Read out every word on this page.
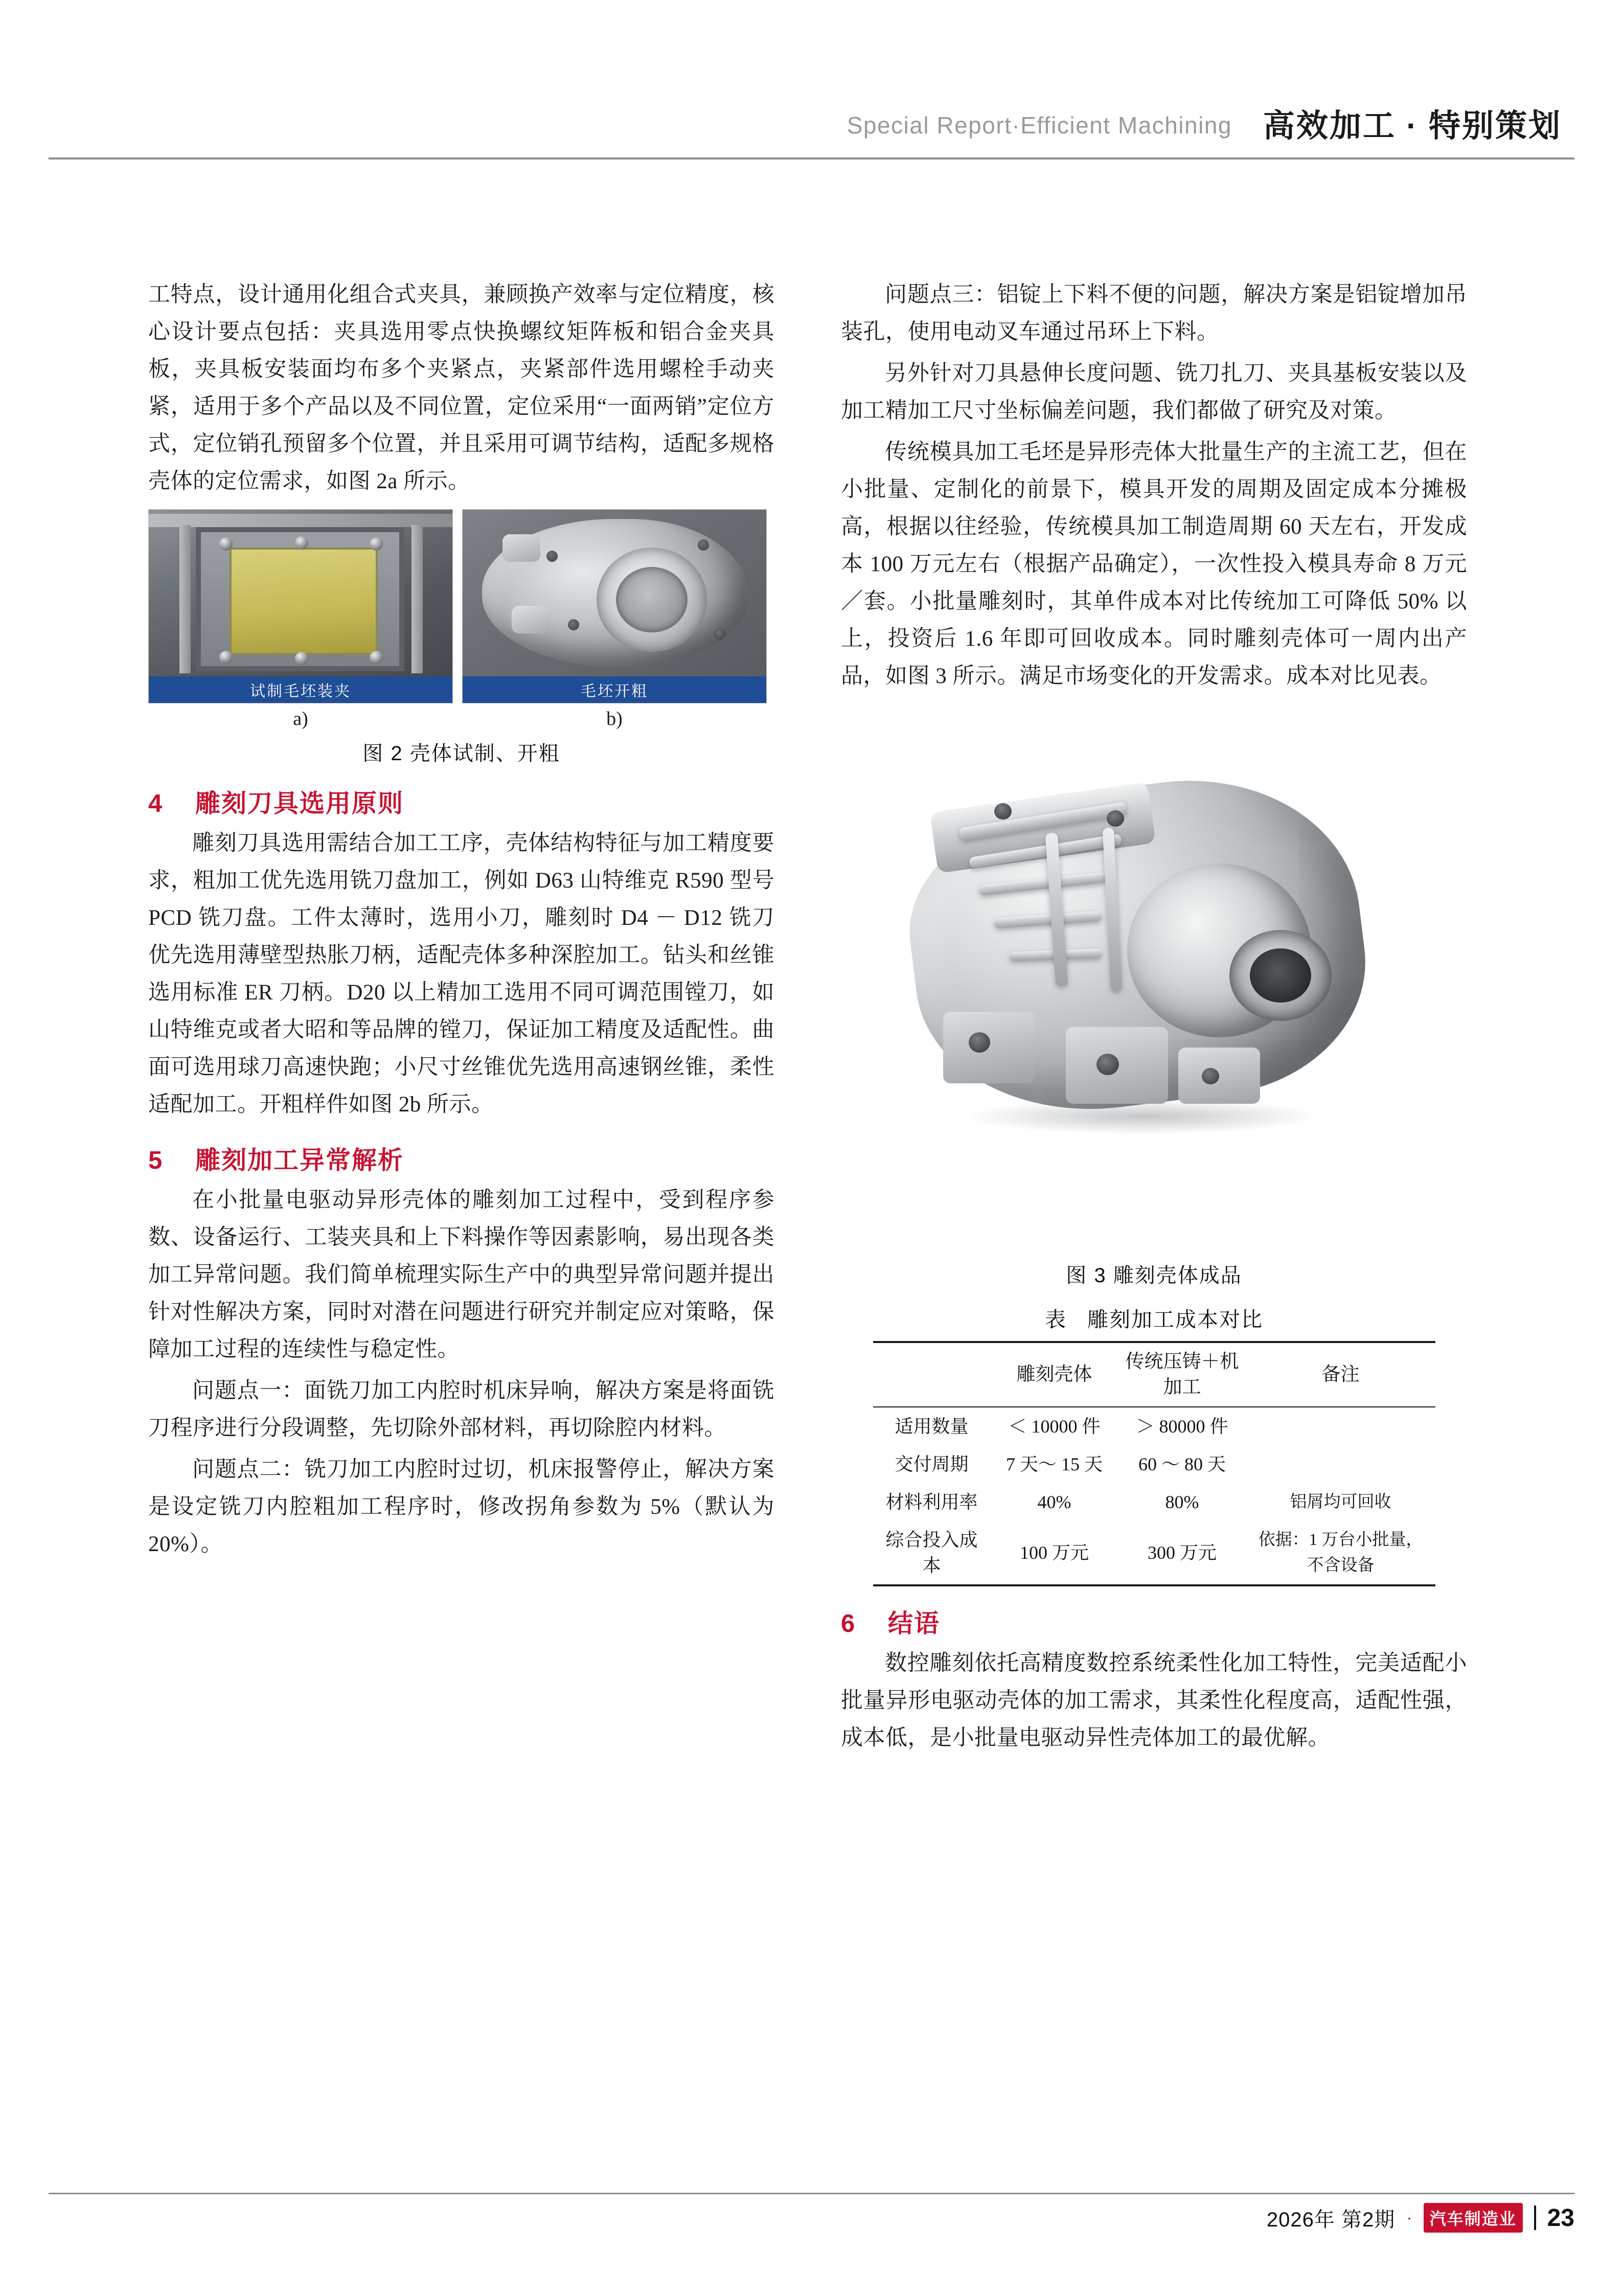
Special Report·Efficient Machining 高效加工 · 特别策划

工特点，设计通用化组合式夹具，兼顾换产效率与定位精度，核心设计要点包括：夹具选用零点快换螺纹矩阵板和铝合金夹具板，夹具板安装面均布多个夹紧点，夹紧部件选用螺栓手动夹紧，适用于多个产品以及不同位置，定位采用“一面两销”定位方式，定位销孔预留多个位置，并且采用可调节结构，适配多规格壳体的定位需求，如图 2a 所示。

试制毛坯装夹	毛坯开粗
a)	b)
图 2 壳体试制、开粗
4	雕刻刀具选用原则

雕刻刀具选用需结合加工工序，壳体结构特征与加工精度要求，粗加工优先选用铣刀盘加工，例如 D63 山特维克 R590 型号 PCD 铣刀盘。工件太薄时，选用小刀，雕刻时 D4 － D12 铣刀优先选用薄壁型热胀刀柄，适配壳体多种深腔加工。钻头和丝锥选用标准 ER 刀柄。D20 以上精加工选用不同可调范围镗刀，如山特维克或者大昭和等品牌的镗刀，保证加工精度及适配性。曲面可选用球刀高速快跑；小尺寸丝锥优先选用高速钢丝锥，柔性适配加工。开粗样件如图 2b 所示。

5	雕刻加工异常解析

在小批量电驱动异形壳体的雕刻加工过程中，受到程序参数、设备运行、工装夹具和上下料操作等因素影响，易出现各类加工异常问题。我们简单梳理实际生产中的典型异常问题并提出针对性解决方案，同时对潜在问题进行研究并制定应对策略，保障加工过程的连续性与稳定性。

问题点一：面铣刀加工内腔时机床异响，解决方案是将面铣刀程序进行分段调整，先切除外部材料，再切除腔内材料。

问题点二：铣刀加工内腔时过切，机床报警停止，解决方案是设定铣刀内腔粗加工程序时，修改拐角参数为 5%（默认为 20%）。

问题点三：铝锭上下料不便的问题，解决方案是铝锭增加吊装孔，使用电动叉车通过吊环上下料。

另外针对刀具悬伸长度问题、铣刀扎刀、夹具基板安装以及加工精加工尺寸坐标偏差问题，我们都做了研究及对策。

传统模具加工毛坯是异形壳体大批量生产的主流工艺，但在小批量、定制化的前景下，模具开发的周期及固定成本分摊极高，根据以往经验，传统模具加工制造周期 60 天左右，开发成本 100 万元左右（根据产品确定），一次性投入模具寿命 8 万元／套。小批量雕刻时，其单件成本对比传统加工可降低 50% 以上，投资后 1.6 年即可回收成本。同时雕刻壳体可一周内出产品，如图 3 所示。满足市场变化的开发需求。成本对比见表。

图 3 雕刻壳体成品
表 雕刻加工成本对比
	雕刻壳体	传统压铸＋机加工	备注
适用数量	＜ 10000 件	＞ 80000 件	
交付周期	7 天～ 15 天	60 ～ 80 天	
材料利用率	40%	80%	铝屑均可回收
综合投入成本	100 万元	300 万元	依据：1 万台小批量，不含设备
6	结语

数控雕刻依托高精度数控系统柔性化加工特性，完美适配小批量异形电驱动壳体的加工需求，其柔性化程度高，适配性强，成本低，是小批量电驱动异性壳体加工的最优解。

2026年 第2期 ·	汽车制造业 23
